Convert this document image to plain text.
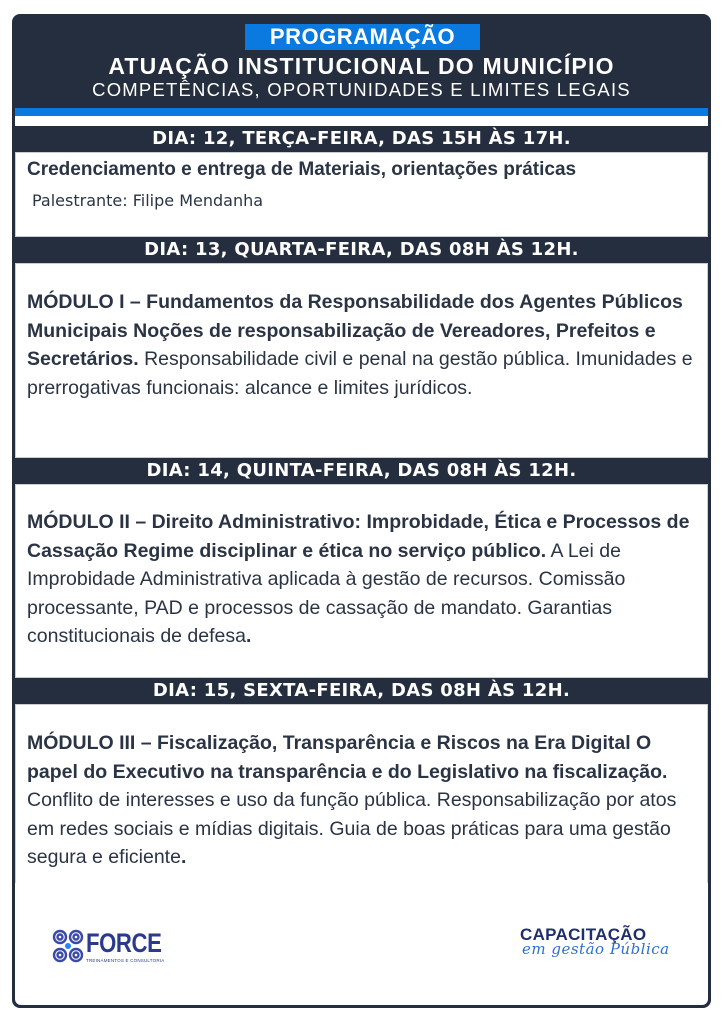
PROGRAMAÇÃO
ATUAÇÃO INSTITUCIONAL DO MUNICÍPIO
COMPETÊNCIAS, OPORTUNIDADES E LIMITES LEGAIS
DIA: 12, TERÇA-FEIRA, DAS 15H ÀS 17H.
Credenciamento e entrega de Materiais, orientações práticas
Palestrante: Filipe Mendanha
DIA: 13, QUARTA-FEIRA, DAS 08H ÀS 12H.
MÓDULO I – Fundamentos da Responsabilidade dos Agentes Públicos Municipais Noções de responsabilização de Vereadores, Prefeitos e Secretários. Responsabilidade civil e penal na gestão pública. Imunidades e prerrogativas funcionais: alcance e limites jurídicos.
DIA: 14, QUINTA-FEIRA, DAS 08H ÀS 12H.
MÓDULO II – Direito Administrativo: Improbidade, Ética e Processos de Cassação Regime disciplinar e ética no serviço público. A Lei de Improbidade Administrativa aplicada à gestão de recursos. Comissão processante, PAD e processos de cassação de mandato. Garantias constitucionais de defesa.
DIA: 15, SEXTA-FEIRA, DAS 08H ÀS 12H.
MÓDULO III – Fiscalização, Transparência e Riscos na Era Digital O papel do Executivo na transparência e do Legislativo na fiscalização. Conflito de interesses e uso da função pública. Responsabilização por atos em redes sociais e mídias digitais. Guia de boas práticas para uma gestão segura e eficiente.
FORCE
TREINAMENTOS E CONSULTORIA
CAPACITAÇÃO
em gestão Pública
